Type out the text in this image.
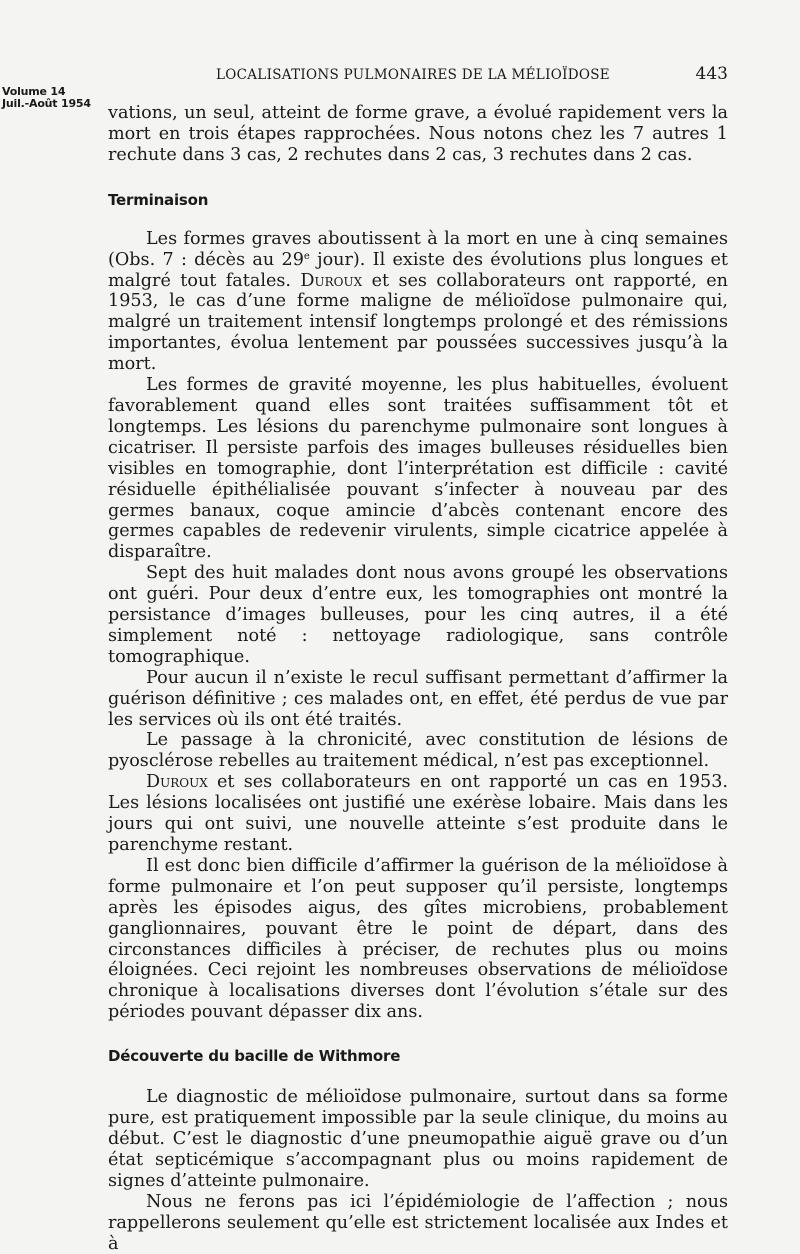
Volume 14
Juil.-Août 1954
LOCALISATIONS PULMONAIRES DE LA MÉLIOÏDOSE	443

vations, un seul, atteint de forme grave, a évolué rapidement vers la mort en trois étapes rapprochées. Nous notons chez les 7 autres 1 rechute dans 3 cas, 2 rechutes dans 2 cas, 3 rechutes dans 2 cas.

Terminaison

Les formes graves aboutissent à la mort en une à cinq semaines (Obs. 7 : décès au 29e jour). Il existe des évolutions plus longues et malgré tout fatales. Duroux et ses collaborateurs ont rapporté, en 1953, le cas d’une forme maligne de mélioïdose pulmonaire qui, malgré un traitement intensif longtemps prolongé et des rémissions importantes, évolua lentement par poussées successives jusqu’à la mort.

Les formes de gravité moyenne, les plus habituelles, évoluent favorablement quand elles sont traitées suffisamment tôt et longtemps. Les lésions du parenchyme pulmonaire sont longues à cicatriser. Il persiste parfois des images bulleuses résiduelles bien visibles en tomographie, dont l’interprétation est difficile : cavité résiduelle épithélialisée pouvant s’infecter à nouveau par des germes banaux, coque amincie d’abcès contenant encore des germes capables de redevenir virulents, simple cicatrice appelée à disparaître.

Sept des huit malades dont nous avons groupé les observations ont guéri. Pour deux d’entre eux, les tomographies ont montré la persistance d’images bulleuses, pour les cinq autres, il a été simplement noté : nettoyage radiologique, sans contrôle tomographique.

Pour aucun il n’existe le recul suffisant permettant d’affirmer la guérison définitive ; ces malades ont, en effet, été perdus de vue par les services où ils ont été traités.

Le passage à la chronicité, avec constitution de lésions de pyosclérose rebelles au traitement médical, n’est pas exceptionnel.

Duroux et ses collaborateurs en ont rapporté un cas en 1953. Les lésions localisées ont justifié une exérèse lobaire. Mais dans les jours qui ont suivi, une nouvelle atteinte s’est produite dans le parenchyme restant.

Il est donc bien difficile d’affirmer la guérison de la mélioïdose à forme pulmonaire et l’on peut supposer qu’il persiste, longtemps après les épisodes aigus, des gîtes microbiens, probablement ganglionnaires, pouvant être le point de départ, dans des circonstances difficiles à préciser, de rechutes plus ou moins éloignées. Ceci rejoint les nombreuses observations de mélioïdose chronique à localisations diverses dont l’évolution s’étale sur des périodes pouvant dépasser dix ans.

Découverte du bacille de Withmore

Le diagnostic de mélioïdose pulmonaire, surtout dans sa forme pure, est pratiquement impossible par la seule clinique, du moins au début. C’est le diagnostic d’une pneumopathie aiguë grave ou d’un état septicémique s’accompagnant plus ou moins rapidement de signes d’atteinte pulmonaire.

Nous ne ferons pas ici l’épidémiologie de l’affection ; nous rappellerons seulement qu’elle est strictement localisée aux Indes et à
